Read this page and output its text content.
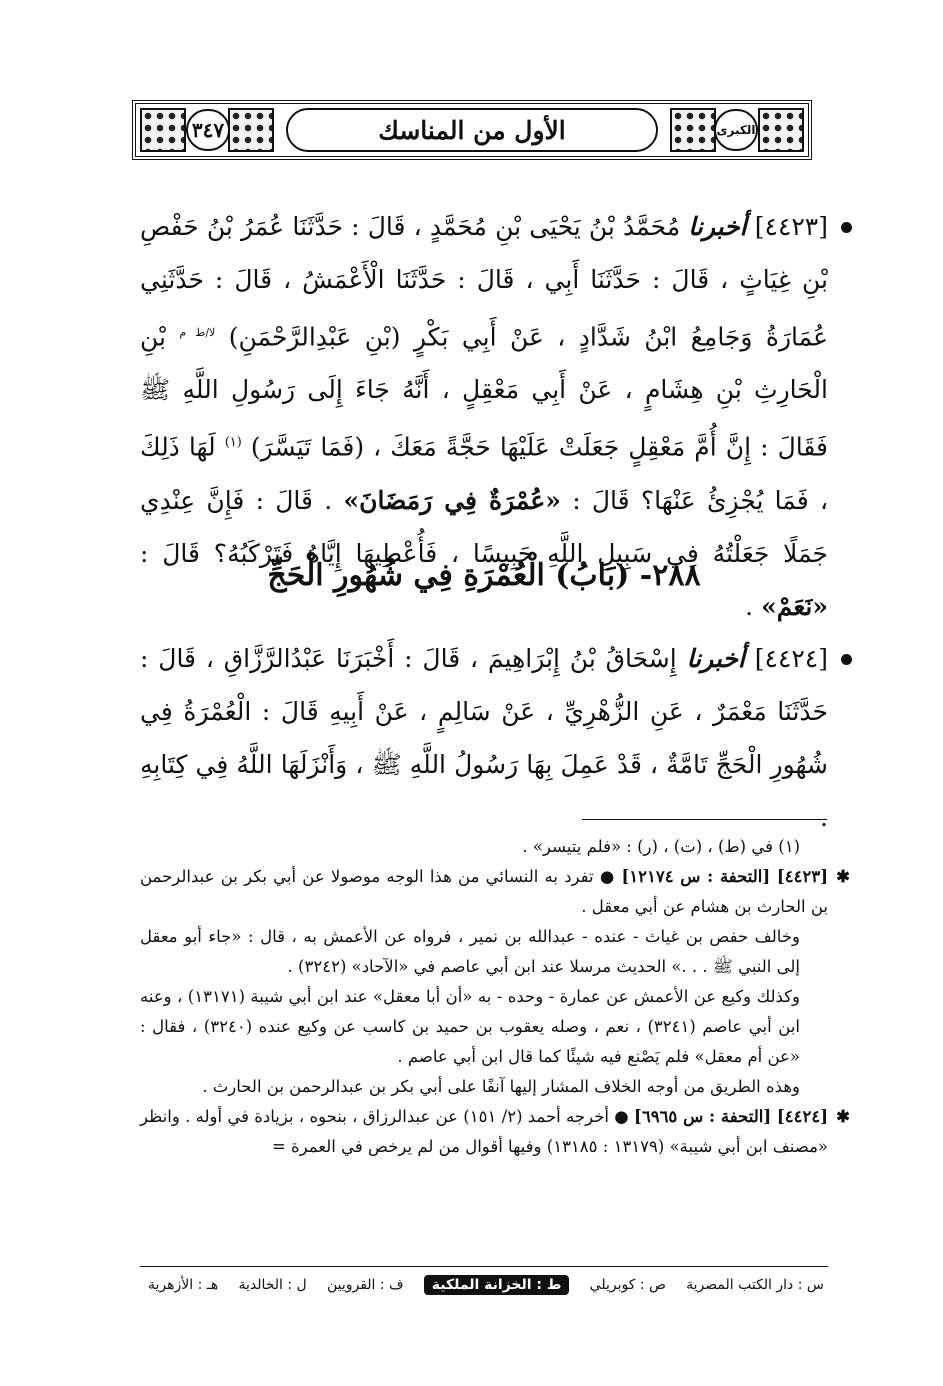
٣٤٧	الأول من المناسك	الكبرى
[٤٤٢٣] أخبرنا مُحَمَّدُ بْنُ يَحْيَى بْنِ مُحَمَّدٍ ، قَالَ : حَدَّثَنَا عُمَرُ بْنُ حَفْصِ بْنِ غِيَاثٍ ، قَالَ : حَدَّثَنَا أَبِي ، قَالَ : حَدَّثَنَا الْأَعْمَشُ ، قَالَ : حَدَّثَنِي عُمَارَةُ وَجَامِعُ ابْنُ شَدَّادٍ ، عَنْ أَبِي بَكْرٍ (بْنِ عَبْدِالرَّحْمَنِ) $^{لا/ط م}$ بْنِ الْحَارِثِ بْنِ هِشَامٍ ، عَنْ أَبِي مَعْقِلٍ ، أَنَّهُ جَاءَ إِلَى رَسُولِ اللَّهِ ﷺ فَقَالَ : إِنَّ أُمَّ مَعْقِلٍ جَعَلَتْ عَلَيْهَا حَجَّةً مَعَكَ ، (فَمَا تَيَسَّرَ) $^{(١)}$ لَهَا ذَلِكَ ، فَمَا يُجْزِئُ عَنْهَا؟ قَالَ : «عُمْرَةٌ فِي رَمَضَانَ» . قَالَ : فَإِنَّ عِنْدِي جَمَلًا جَعَلْتُهُ فِي سَبِيلِ اللَّهِ حَبِيسًا ، فَأُعْطِيهَا إِيَّاهُ فَتَرْكَبُهُ؟ قَالَ : «نَعَمْ» .
٢٨٨- (بَابُ) الْعُمْرَةِ فِي شُهُورِ الْحَجِّ
[٤٤٢٤] أخبرنا إِسْحَاقُ بْنُ إِبْرَاهِيمَ ، قَالَ : أَخْبَرَنَا عَبْدُالرَّزَّاقِ ، قَالَ : حَدَّثَنَا مَعْمَرٌ ، عَنِ الزُّهْرِيِّ ، عَنْ سَالِمٍ ، عَنْ أَبِيهِ قَالَ : الْعُمْرَةُ فِي شُهُورِ الْحَجِّ تَامَّةٌ ، قَدْ عَمِلَ بِهَا رَسُولُ اللَّهِ ﷺ ، وَأَنْزَلَهَا اللَّهُ فِي كِتَابِهِ .

(١) في (ط) ، (ت) ، (ر) : «فلم يتيسر» .

✱

[٤٤٢٣] [التحفة : س ١٢١٧٤] ● تفرد به النسائي من هذا الوجه موصولا عن أبي بكر بن عبدالرحمن بن الحارث بن هشام عن أبي معقل .

وخالف حفص بن غياث - عنده - عبدالله بن نمير ، فرواه عن الأعمش به ، قال : «جاء أبو معقل إلى النبي ﷺ . . .» الحديث مرسلا عند ابن أبي عاصم في «الآحاد» (٣٢٤٢) .

وكذلك وكيع عن الأعمش عن عمارة - وحده - به «أن أبا معقل» عند ابن أبي شيبة (١٣١٧١) ، وعنه ابن أبي عاصم (٣٢٤١) ، نعم ، وصله يعقوب بن حميد بن كاسب عن وكيع عنده (٣٢٤٠) ، فقال : «عن أم معقل» فلم يَصْنع فيه شيئًا كما قال ابن أبي عاصم .

وهذه الطريق من أوجه الخلاف المشار إليها آنفًا على أبي بكر بن عبدالرحمن بن الحارث .

✱

[٤٤٢٤] [التحفة : س ٦٩٦٥] ● أخرجه أحمد (٢/ ١٥١) عن عبدالرزاق ، بنحوه ، بزيادة في أوله . وانظر «مصنف ابن أبي شيبة» (١٣١٧٩ : ١٣١٨٥) وفيها أقوال من لم يرخص في العمرة =

س : دار الكتب المصرية
ص : كوبريلي
ط : الخزانة الملكية
ف : القرويين
ل : الخالدية
هـ : الأزهرية
